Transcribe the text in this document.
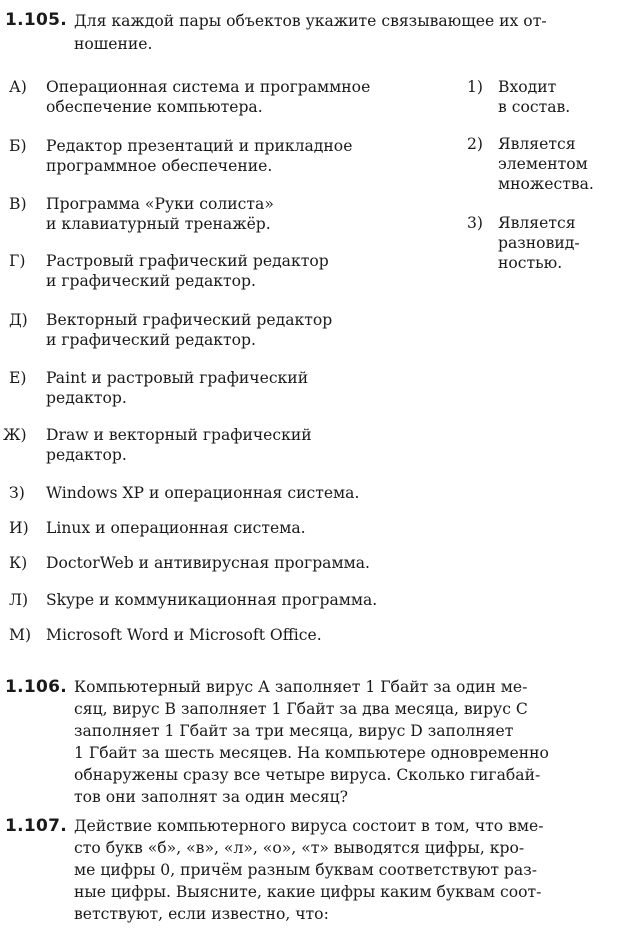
1.105. Для каждой пары объектов укажите связывающее их от-
ношение.
А) Операционная система и программное
обеспечение компьютера.
Б) Редактор презентаций и прикладное
программное обеспечение.
В) Программа «Руки солиста»
и клавиатурный тренажёр.
Г) Растровый графический редактор
и графический редактор.
Д) Векторный графический редактор
и графический редактор.
Е) Paint и растровый графический
редактор.
Ж) Draw и векторный графический
редактор.
З) Windows XP и операционная система.
И) Linux и операционная система.
К) DoctorWeb и антивирусная программа.
Л) Skype и коммуникационная программа.
М) Microsoft Word и Microsoft Office.
1) Входит
в состав.
2) Является
элементом
множества.
3) Является
разновид-
ностью.
1.106. Компьютерный вирус А заполняет 1 Гбайт за один ме-
сяц, вирус В заполняет 1 Гбайт за два месяца, вирус С
заполняет 1 Гбайт за три месяца, вирус D заполняет
1 Гбайт за шесть месяцев. На компьютере одновременно
обнаружены сразу все четыре вируса. Сколько гигабай-
тов они заполнят за один месяц?
1.107. Действие компьютерного вируса состоит в том, что вме-
сто букв «б», «в», «л», «о», «т» выводятся цифры, кро-
ме цифры 0, причём разным буквам соответствуют раз-
ные цифры. Выясните, какие цифры каким буквам соот-
ветствуют, если известно, что:
